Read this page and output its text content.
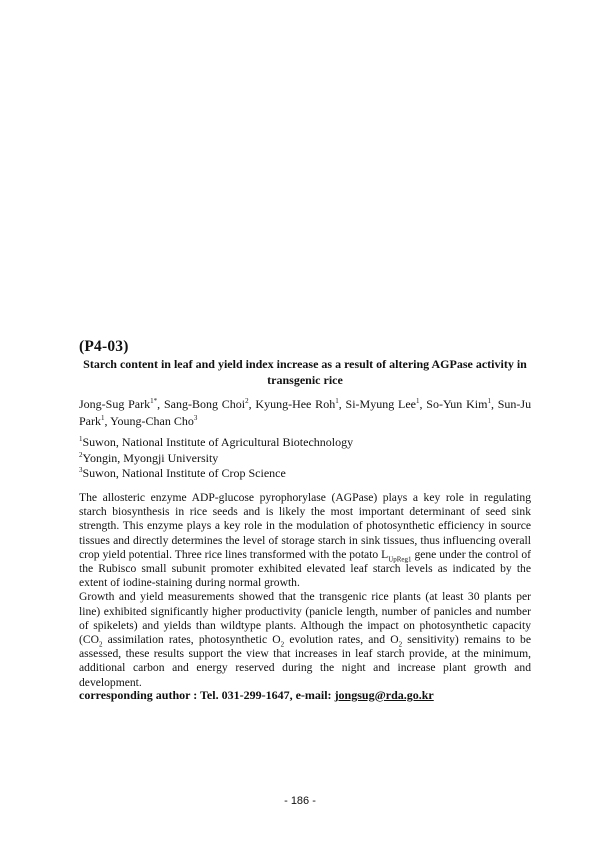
(P4-03)
Starch content in leaf and yield index increase as a result of altering AGPase activity in transgenic rice
Jong-Sug Park$^{1*}$, Sang-Bong Choi$^2$, Kyung-Hee Roh$^1$, Si-Myung Lee$^1$, So-Yun Kim$^1$, Sun-Ju Park$^1$, Young-Chan Cho$^3$
$^1$Suwon, National Institute of Agricultural Biotechnology
$^2$Yongin, Myongji University
$^3$Suwon, National Institute of Crop Science

The allosteric enzyme ADP-glucose pyrophorylase (AGPase) plays a key role in regulating starch biosynthesis in rice seeds and is likely the most important determinant of seed sink strength. This enzyme plays a key role in the modulation of photosynthetic efficiency in source tissues and directly determines the level of storage starch in sink tissues, thus influencing overall crop yield potential. Three rice lines transformed with the potato $L_{UpReg1}$ gene under the control of the Rubisco small subunit promoter exhibited elevated leaf starch levels as indicated by the extent of iodine-staining during normal growth.

Growth and yield measurements showed that the transgenic rice plants (at least 30 plants per line) exhibited significantly higher productivity (panicle length, number of panicles and number of spikelets) and yields than wildtype plants. Although the impact on photosynthetic capacity ($CO_2$ assimilation rates, photosynthetic $O_2$ evolution rates, and $O_2$ sensitivity) remains to be assessed, these results support the view that increases in leaf starch provide, at the minimum, additional carbon and energy reserved during the night and increase plant growth and development.

corresponding author : Tel. 031-299-1647, e-mail: jongsug@rda.go.kr
- 186 -
